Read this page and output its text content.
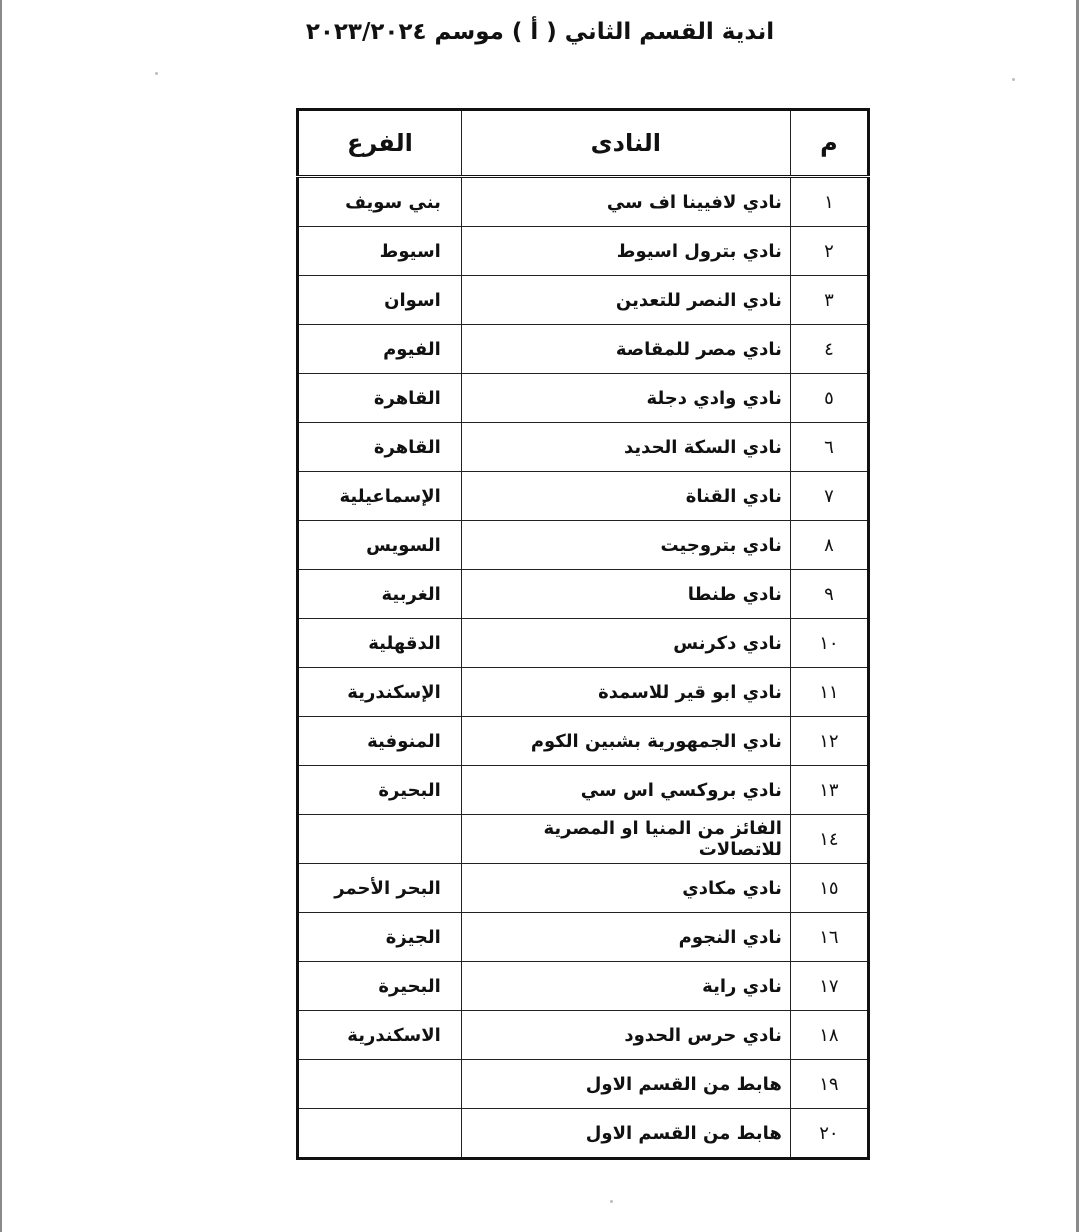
اندية القسم الثاني ( أ ) موسم ٢٠٢٣/٢٠٢٤
م	النادى	الفرع
١	نادي لافيينا اف سي	بني سويف
٢	نادي بترول اسيوط	اسيوط
٣	نادي النصر للتعدين	اسوان
٤	نادي مصر للمقاصة	الفيوم
٥	نادي وادي دجلة	القاهرة
٦	نادي السكة الحديد	القاهرة
٧	نادي القناة	الإسماعيلية
٨	نادي بتروجيت	السويس
٩	نادي طنطا	الغربية
١٠	نادي دكرنس	الدقهلية
١١	نادي ابو قير للاسمدة	الإسكندرية
١٢	نادي الجمهورية بشبين الكوم	المنوفية
١٣	نادي بروكسي اس سي	البحيرة
١٤	الفائز من المنيا او المصرية للاتصالات	
١٥	نادي مكادي	البحر الأحمر
١٦	نادي النجوم	الجيزة
١٧	نادي راية	البحيرة
١٨	نادي حرس الحدود	الاسكندرية
١٩	هابط من القسم الاول	
٢٠	هابط من القسم الاول	
